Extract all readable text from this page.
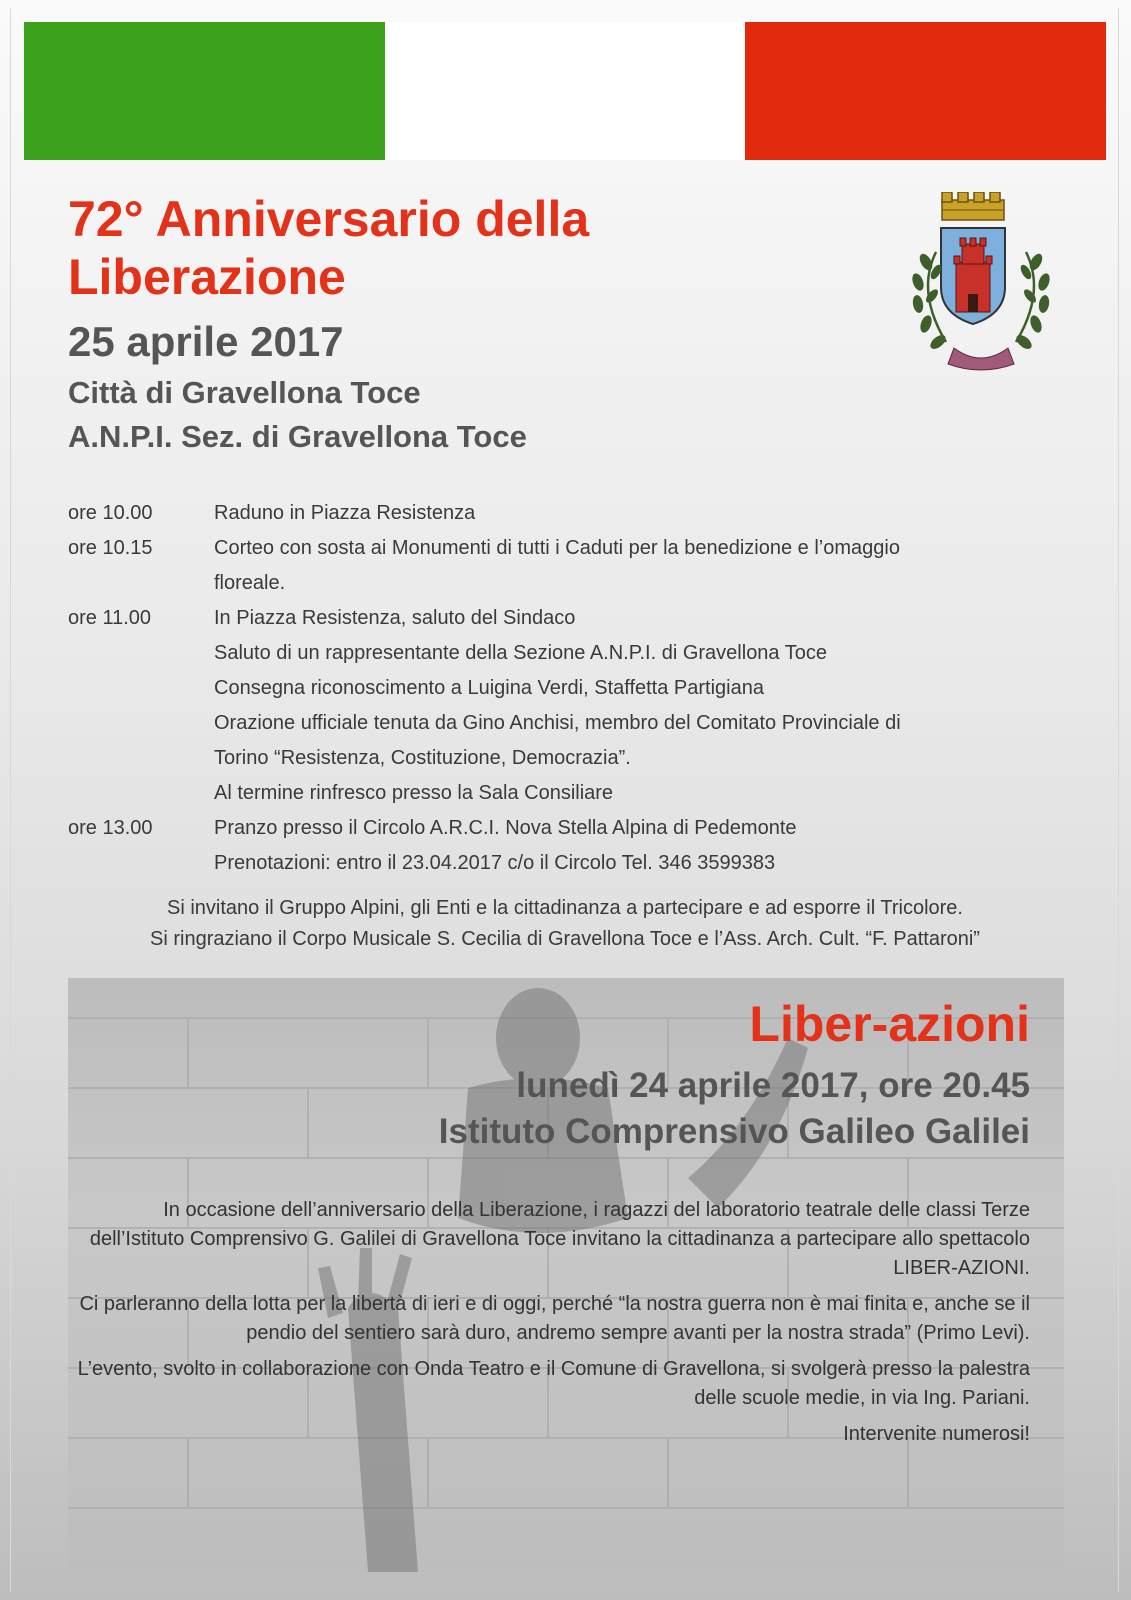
72° Anniversario della Liberazione
25 aprile 2017
Città di Gravellona Toce
A.N.P.I. Sez. di Gravellona Toce
ore 10.00	Raduno in Piazza Resistenza
ore 10.15	Corteo con sosta ai Monumenti di tutti i Caduti per la benedizione e l’omaggio
floreale.
ore 11.00	In Piazza Resistenza, saluto del Sindaco
Saluto di un rappresentante della Sezione A.N.P.I. di Gravellona Toce
Consegna riconoscimento a Luigina Verdi, Staffetta Partigiana
Orazione ufficiale tenuta da Gino Anchisi, membro del Comitato Provinciale di
Torino “Resistenza, Costituzione, Democrazia”.
Al termine rinfresco presso la Sala Consiliare
ore 13.00	Pranzo presso il Circolo A.R.C.I. Nova Stella Alpina di Pedemonte
Prenotazioni: entro il 23.04.2017 c/o il Circolo Tel. 346 3599383
Si invitano il Gruppo Alpini, gli Enti e la cittadinanza a partecipare e ad esporre il Tricolore.
Si ringraziano il Corpo Musicale S. Cecilia di Gravellona Toce e l’Ass. Arch. Cult. “F. Pattaroni”
Liber-azioni
lunedì 24 aprile 2017, ore 20.45
Istituto Comprensivo Galileo Galilei

In occasione dell’anniversario della Liberazione, i ragazzi del laboratorio teatrale delle classi Terze dell’Istituto Comprensivo G. Galilei di Gravellona Toce invitano la cittadinanza a partecipare allo spettacolo LIBER-AZIONI.

Ci parleranno della lotta per la libertà di ieri e di oggi, perché “la nostra guerra non è mai finita e, anche se il pendio del sentiero sarà duro, andremo sempre avanti per la nostra strada” (Primo Levi).

L’evento, svolto in collaborazione con Onda Teatro e il Comune di Gravellona, si svolgerà presso la palestra delle scuole medie, in via Ing. Pariani.

Intervenite numerosi!
